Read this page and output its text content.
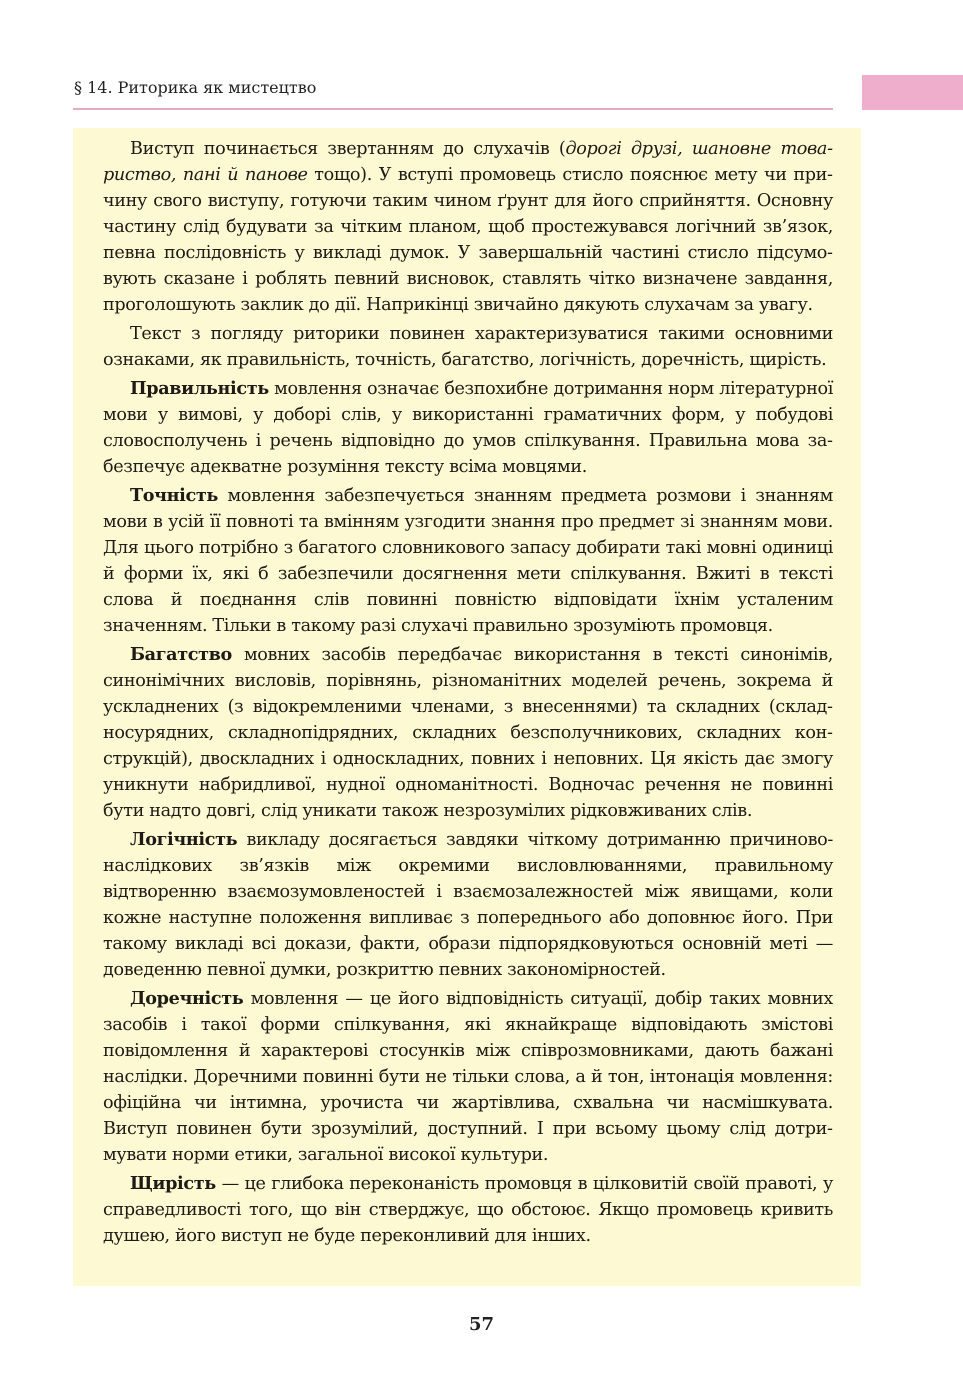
§ 14. Риторика як мистецтво

Виступ починається звертанням до слухачів (дорогі друзі, шановне товариство, пані й панове тощо). У вступі промовець стисло пояснює мету чи причину свого виступу, готуючи таким чином ґрунт для його сприйняття. Основну частину слід будувати за чітким планом, щоб простежувався логічний зв’язок, певна послідовність у викладі думок. У завершальній частині стисло підсумовують сказане і роблять певний висновок, ставлять чітко визначене завдання, проголошують заклик до дії. Наприкінці звичайно дякують слухачам за увагу.

Текст з погляду риторики повинен характеризуватися такими основними ознаками, як правильність, точність, багатство, логічність, доречність, щирість.

Правильність мовлення означає безпохибне дотримання норм літературної мови у вимові, у доборі слів, у використанні граматичних форм, у побудові словосполучень і речень відповідно до умов спілкування. Правильна мова забезпечує адекватне розуміння тексту всіма мовцями.

Точність мовлення забезпечується знанням предмета розмови і знанням мови в усій її повноті та вмінням узгодити знання про предмет зі знанням мови. Для цього потрібно з багатого словникового запасу добирати такі мовні одиниці й форми їх, які б забезпечили досягнення мети спілкування. Вжиті в тексті слова й поєднання слів повинні повністю відповідати їхнім усталеним значенням. Тільки в такому разі слухачі правильно зрозуміють промовця.

Багатство мовних засобів передбачає використання в тексті синонімів, синонімічних висловів, порівнянь, різноманітних моделей речень, зокрема й ускладнених (з відокремленими членами, з внесеннями) та складних (складносурядних, складнопідрядних, складних безсполучникових, складних конструкцій), двоскладних і односкладних, повних і неповних. Ця якість дає змогу уникнути набридливої, нудної одноманітності. Водночас речення не повинні бути надто довгі, слід уникати також незрозумілих рідковживаних слів.

Логічність викладу досягається завдяки чіткому дотриманню причиново-наслідкових зв’язків між окремими висловлюваннями, правильному відтворенню взаємозумовленостей і взаємозалежностей між явищами, коли кожне наступне положення випливає з попереднього або доповнює його. При такому викладі всі докази, факти, образи підпорядковуються основній меті — доведенню певної думки, розкриттю певних закономірностей.

Доречність мовлення — це його відповідність ситуації, добір таких мовних засобів і такої форми спілкування, які якнайкраще відповідають змістові повідомлення й характерові стосунків між співрозмовниками, дають бажані наслідки. Доречними повинні бути не тільки слова, а й тон, інтонація мовлення: офіційна чи інтимна, урочиста чи жартівлива, схвальна чи насмішкувата. Виступ повинен бути зрозумілий, доступний. І при всьому цьому слід дотримувати норми етики, загальної високої культури.

Щирість — це глибока переконаність промовця в цілковитій своїй правоті, у справедливості того, що він стверджує, що обстоює. Якщо промовець кривить душею, його виступ не буде переконливий для інших.

57
